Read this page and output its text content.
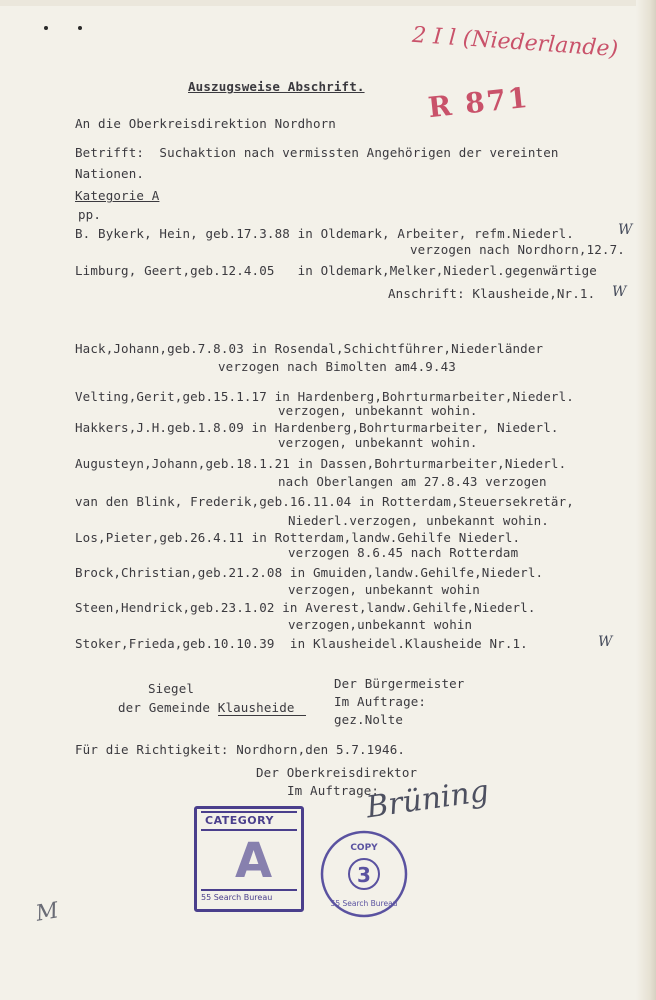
2 I l (Niederlande)
R 871
Auszugsweise Abschrift.
An die Oberkreisdirektion Nordhorn
Betrifft:  Suchaktion nach vermissten Angehörigen der vereinten
Nationen.
Kategorie A
pp.
B. Bykerk, Hein, geb.17.3.88 in Oldemark, Arbeiter, refm.Niederl.
verzogen nach Nordhorn,12.7.
W
Limburg, Geert,geb.12.4.05   in Oldemark,Melker,Niederl.gegenwärtige
Anschrift: Klausheide,Nr.1. W
Hack,Johann,geb.7.8.03 in Rosendal,Schichtführer,Niederländer
verzogen nach Bimolten am4.9.43
Velting,Gerit,geb.15.1.17 in Hardenberg,Bohrturmarbeiter,Niederl.
verzogen, unbekannt wohin.
Hakkers,J.H.geb.1.8.09 in Hardenberg,Bohrturmarbeiter, Niederl.
verzogen, unbekannt wohin.
Augusteyn,Johann,geb.18.1.21 in Dassen,Bohrturmarbeiter,Niederl.
nach Oberlangen am 27.8.43 verzogen
van den Blink, Frederik,geb.16.11.04 in Rotterdam,Steuersekretär,
Niederl.verzogen, unbekannt wohin.
Los,Pieter,geb.26.4.11 in Rotterdam,landw.Gehilfe Niederl.
verzogen 8.6.45 nach Rotterdam
Brock,Christian,geb.21.2.08 in Gmuiden,landw.Gehilfe,Niederl.
verzogen, unbekannt wohin
Steen,Hendrick,geb.23.1.02 in Averest,landw.Gehilfe,Niederl.
verzogen,unbekannt wohin
Stoker,Frieda,geb.10.10.39  in Klausheidel.Klausheide Nr.1.	W
Siegel
der Gemeinde Klausheide
Der Bürgermeister
Im Auftrage:
gez.Nolte
Für die Richtigkeit: Nordhorn,den 5.7.1946.
Der Oberkreisdirektor
Im Auftrage:
Brüning
CATEGORY
A
55 Search Bureau
COPY
3
55 Search Bureau
M
